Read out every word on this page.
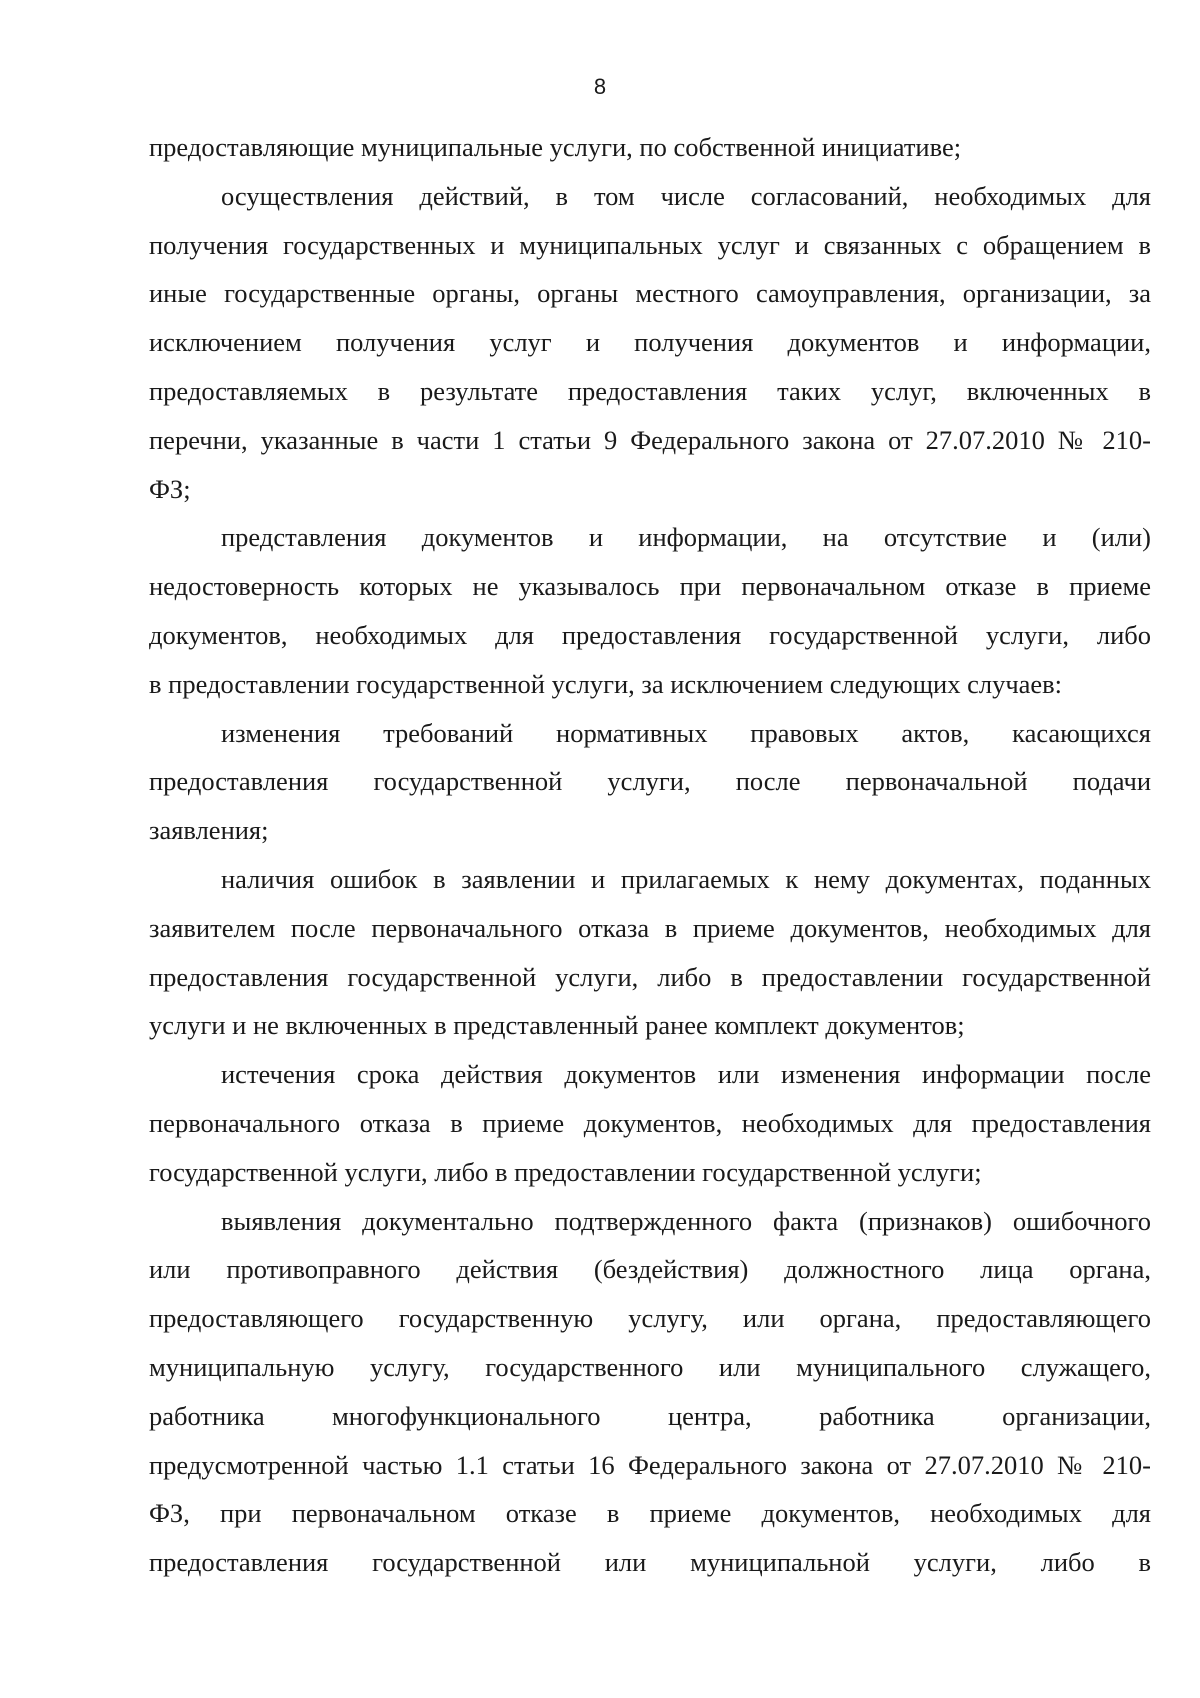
8
предоставляющие муниципальные услуги, по собственной инициативе;
осуществления действий, в том числе согласований, необходимых для
получения государственных и муниципальных услуг и связанных с обращением в
иные государственные органы, органы местного самоуправления, организации, за
исключением получения услуг и получения документов и информации,
предоставляемых в результате предоставления таких услуг, включенных в
перечни, указанные в части 1 статьи 9 Федерального закона от 27.07.2010 № 210-
ФЗ;
представления документов и информации, на отсутствие и (или)
недостоверность которых не указывалось при первоначальном отказе в приеме
документов, необходимых для предоставления государственной услуги, либо
в предоставлении государственной услуги, за исключением следующих случаев:
изменения требований нормативных правовых актов, касающихся
предоставления государственной услуги, после первоначальной подачи
заявления;
наличия ошибок в заявлении и прилагаемых к нему документах, поданных
заявителем после первоначального отказа в приеме документов, необходимых для
предоставления государственной услуги, либо в предоставлении государственной
услуги и не включенных в представленный ранее комплект документов;
истечения срока действия документов или изменения информации после
первоначального отказа в приеме документов, необходимых для предоставления
государственной услуги, либо в предоставлении государственной услуги;
выявления документально подтвержденного факта (признаков) ошибочного
или противоправного действия (бездействия) должностного лица органа,
предоставляющего государственную услугу, или органа, предоставляющего
муниципальную услугу, государственного или муниципального служащего,
работника многофункционального центра, работника организации,
предусмотренной частью 1.1 статьи 16 Федерального закона от 27.07.2010 № 210-
ФЗ, при первоначальном отказе в приеме документов, необходимых для
предоставления государственной или муниципальной услуги, либо в
